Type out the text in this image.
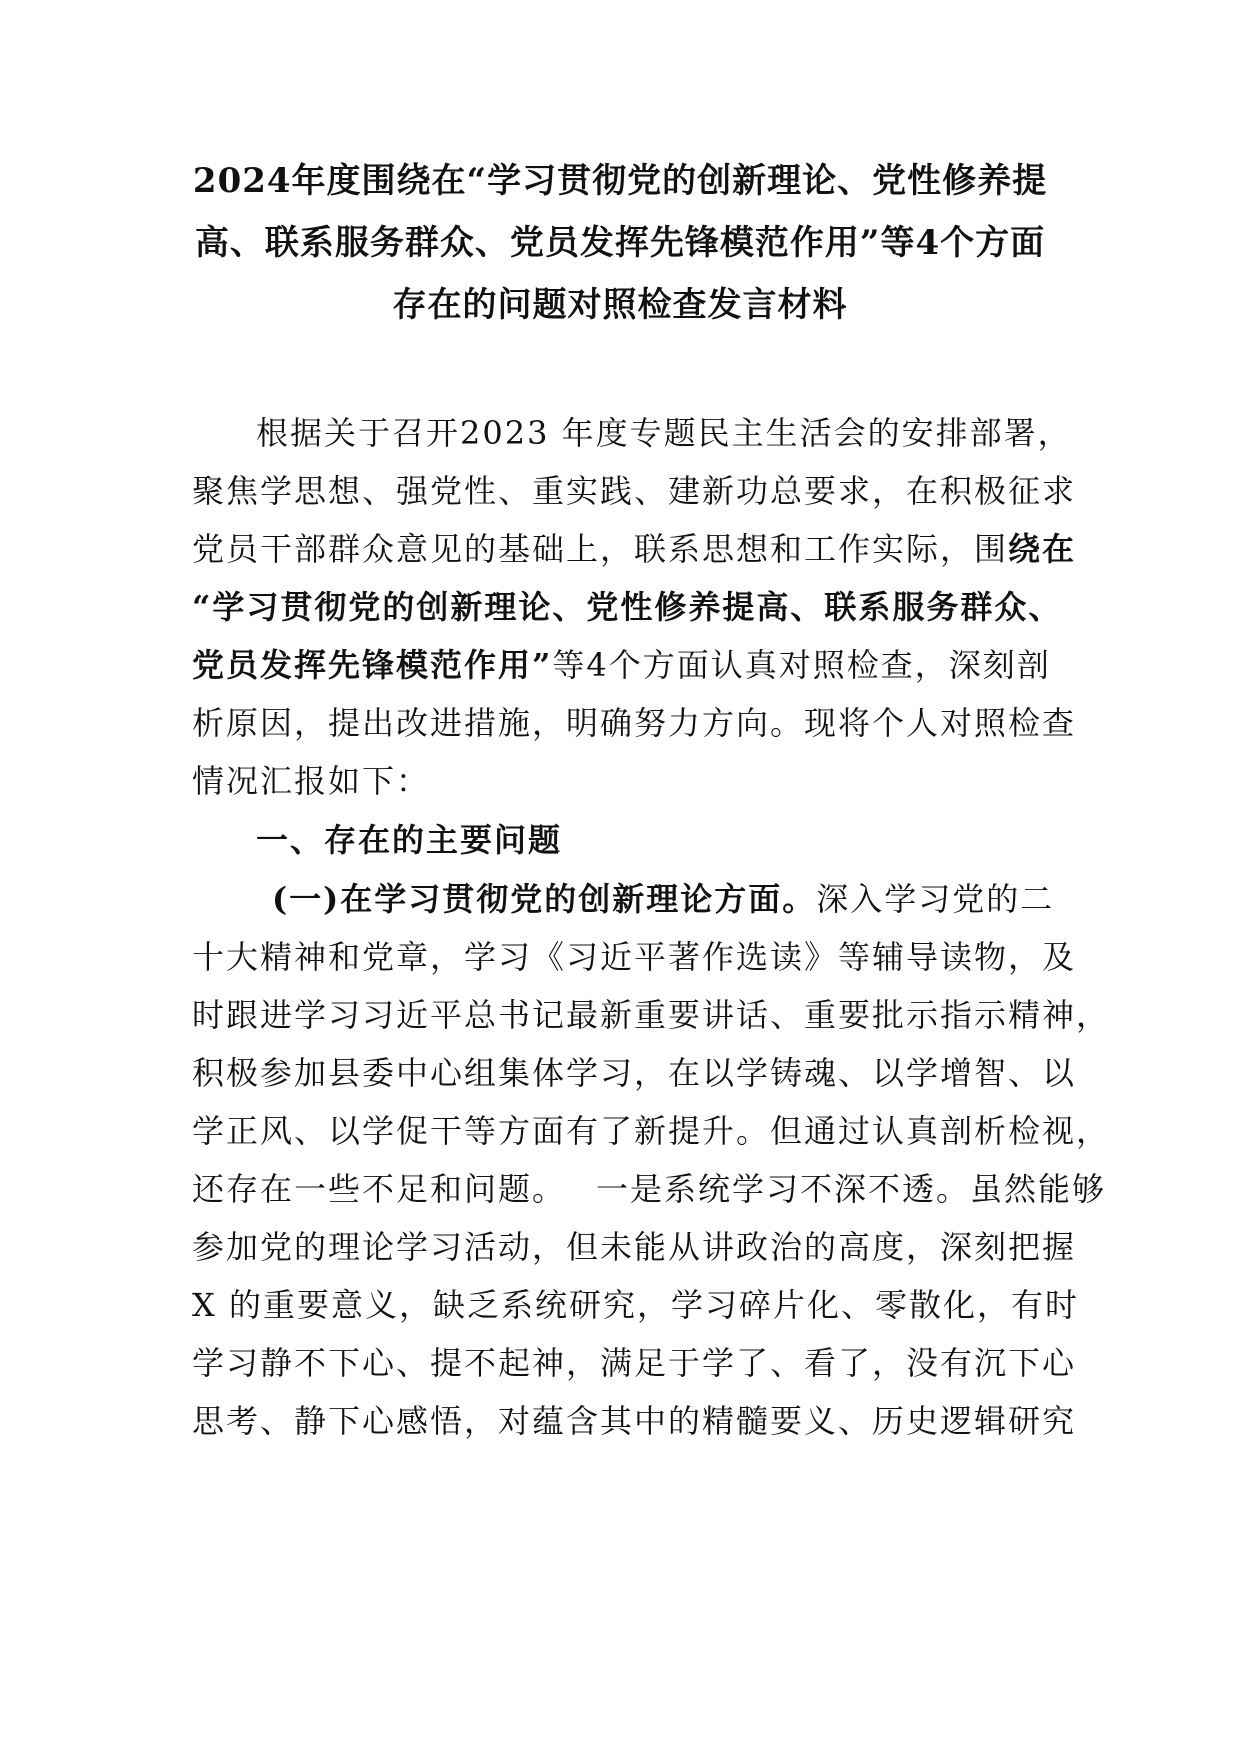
2024年度围绕在“学习贯彻党的创新理论、党性修养提
高、联系服务群众、党员发挥先锋模范作用”等4个方面
存在的问题对照检查发言材料
根据关于召开2023 年度专题民主生活会的安排部署，
聚焦学思想、强党性、重实践、建新功总要求，在积极征求
党员干部群众意见的基础上，联系思想和工作实际，围绕在
“学习贯彻党的创新理论、党性修养提高、联系服务群众、
党员发挥先锋模范作用”等4个方面认真对照检查，深刻剖
析原因，提出改进措施，明确努力方向。现将个人对照检查
情况汇报如下：
一、存在的主要问题
(一)在学习贯彻党的创新理论方面。深入学习党的二
十大精神和党章，学习《习近平著作选读》等辅导读物，及
时跟进学习习近平总书记最新重要讲话、重要批示指示精神，
积极参加县委中心组集体学习，在以学铸魂、以学增智、以
学正风、以学促干等方面有了新提升。但通过认真剖析检视，
还存在一些不足和问题。 一是系统学习不深不透。虽然能够
参加党的理论学习活动，但未能从讲政治的高度，深刻把握
X 的重要意义，缺乏系统研究，学习碎片化、零散化，有时
学习静不下心、提不起神，满足于学了、看了，没有沉下心
思考、静下心感悟，对蕴含其中的精髓要义、历史逻辑研究
